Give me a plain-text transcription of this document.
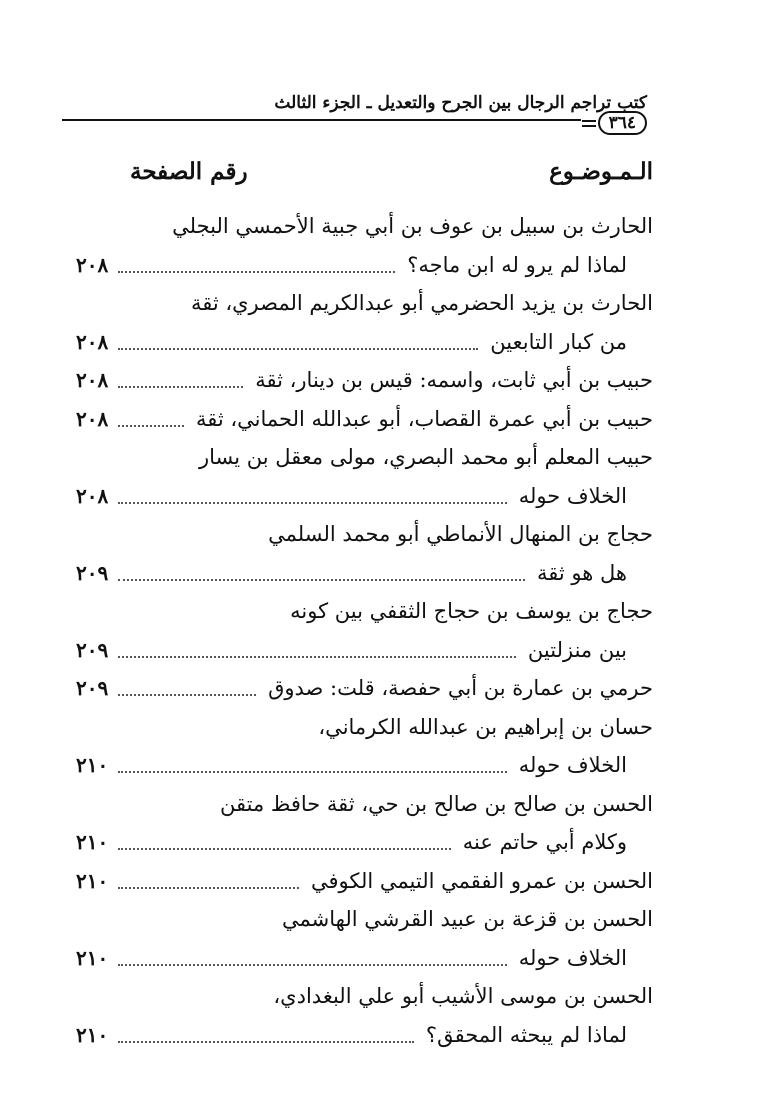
كتب تراجم الرجال بين الجرح والتعديل ـ الجزء الثالث
٣٦٤
الـمـوضـوع
رقم الصفحة
الحارث بن سبيل بن عوف بن أبي جبية الأحمسي البجلي
لماذا لم يرو له ابن ماجه؟
٢٠٨
الحارث بن يزيد الحضرمي أبو عبدالكريم المصري، ثقة
من كبار التابعين
٢٠٨
حبيب بن أبي ثابت، واسمه: قيس بن دينار، ثقة
٢٠٨
حبيب بن أبي عمرة القصاب، أبو عبدالله الحماني، ثقة
٢٠٨
حبيب المعلم أبو محمد البصري، مولى معقل بن يسار
الخلاف حوله
٢٠٨
حجاج بن المنهال الأنماطي أبو محمد السلمي
هل هو ثقة
٢٠٩
حجاج بن يوسف بن حجاج الثقفي بين كونه
بين منزلتين
٢٠٩
حرمي بن عمارة بن أبي حفصة، قلت: صدوق
٢٠٩
حسان بن إبراهيم بن عبدالله الكرماني،
الخلاف حوله
٢١٠
الحسن بن صالح بن صالح بن حي، ثقة حافظ متقن
وكلام أبي حاتم عنه
٢١٠
الحسن بن عمرو الفقمي التيمي الكوفي
٢١٠
الحسن بن قزعة بن عبيد القرشي الهاشمي
الخلاف حوله
٢١٠
الحسن بن موسى الأشيب أبو علي البغدادي،
لماذا لم يبحثه المحقق؟
٢١٠
